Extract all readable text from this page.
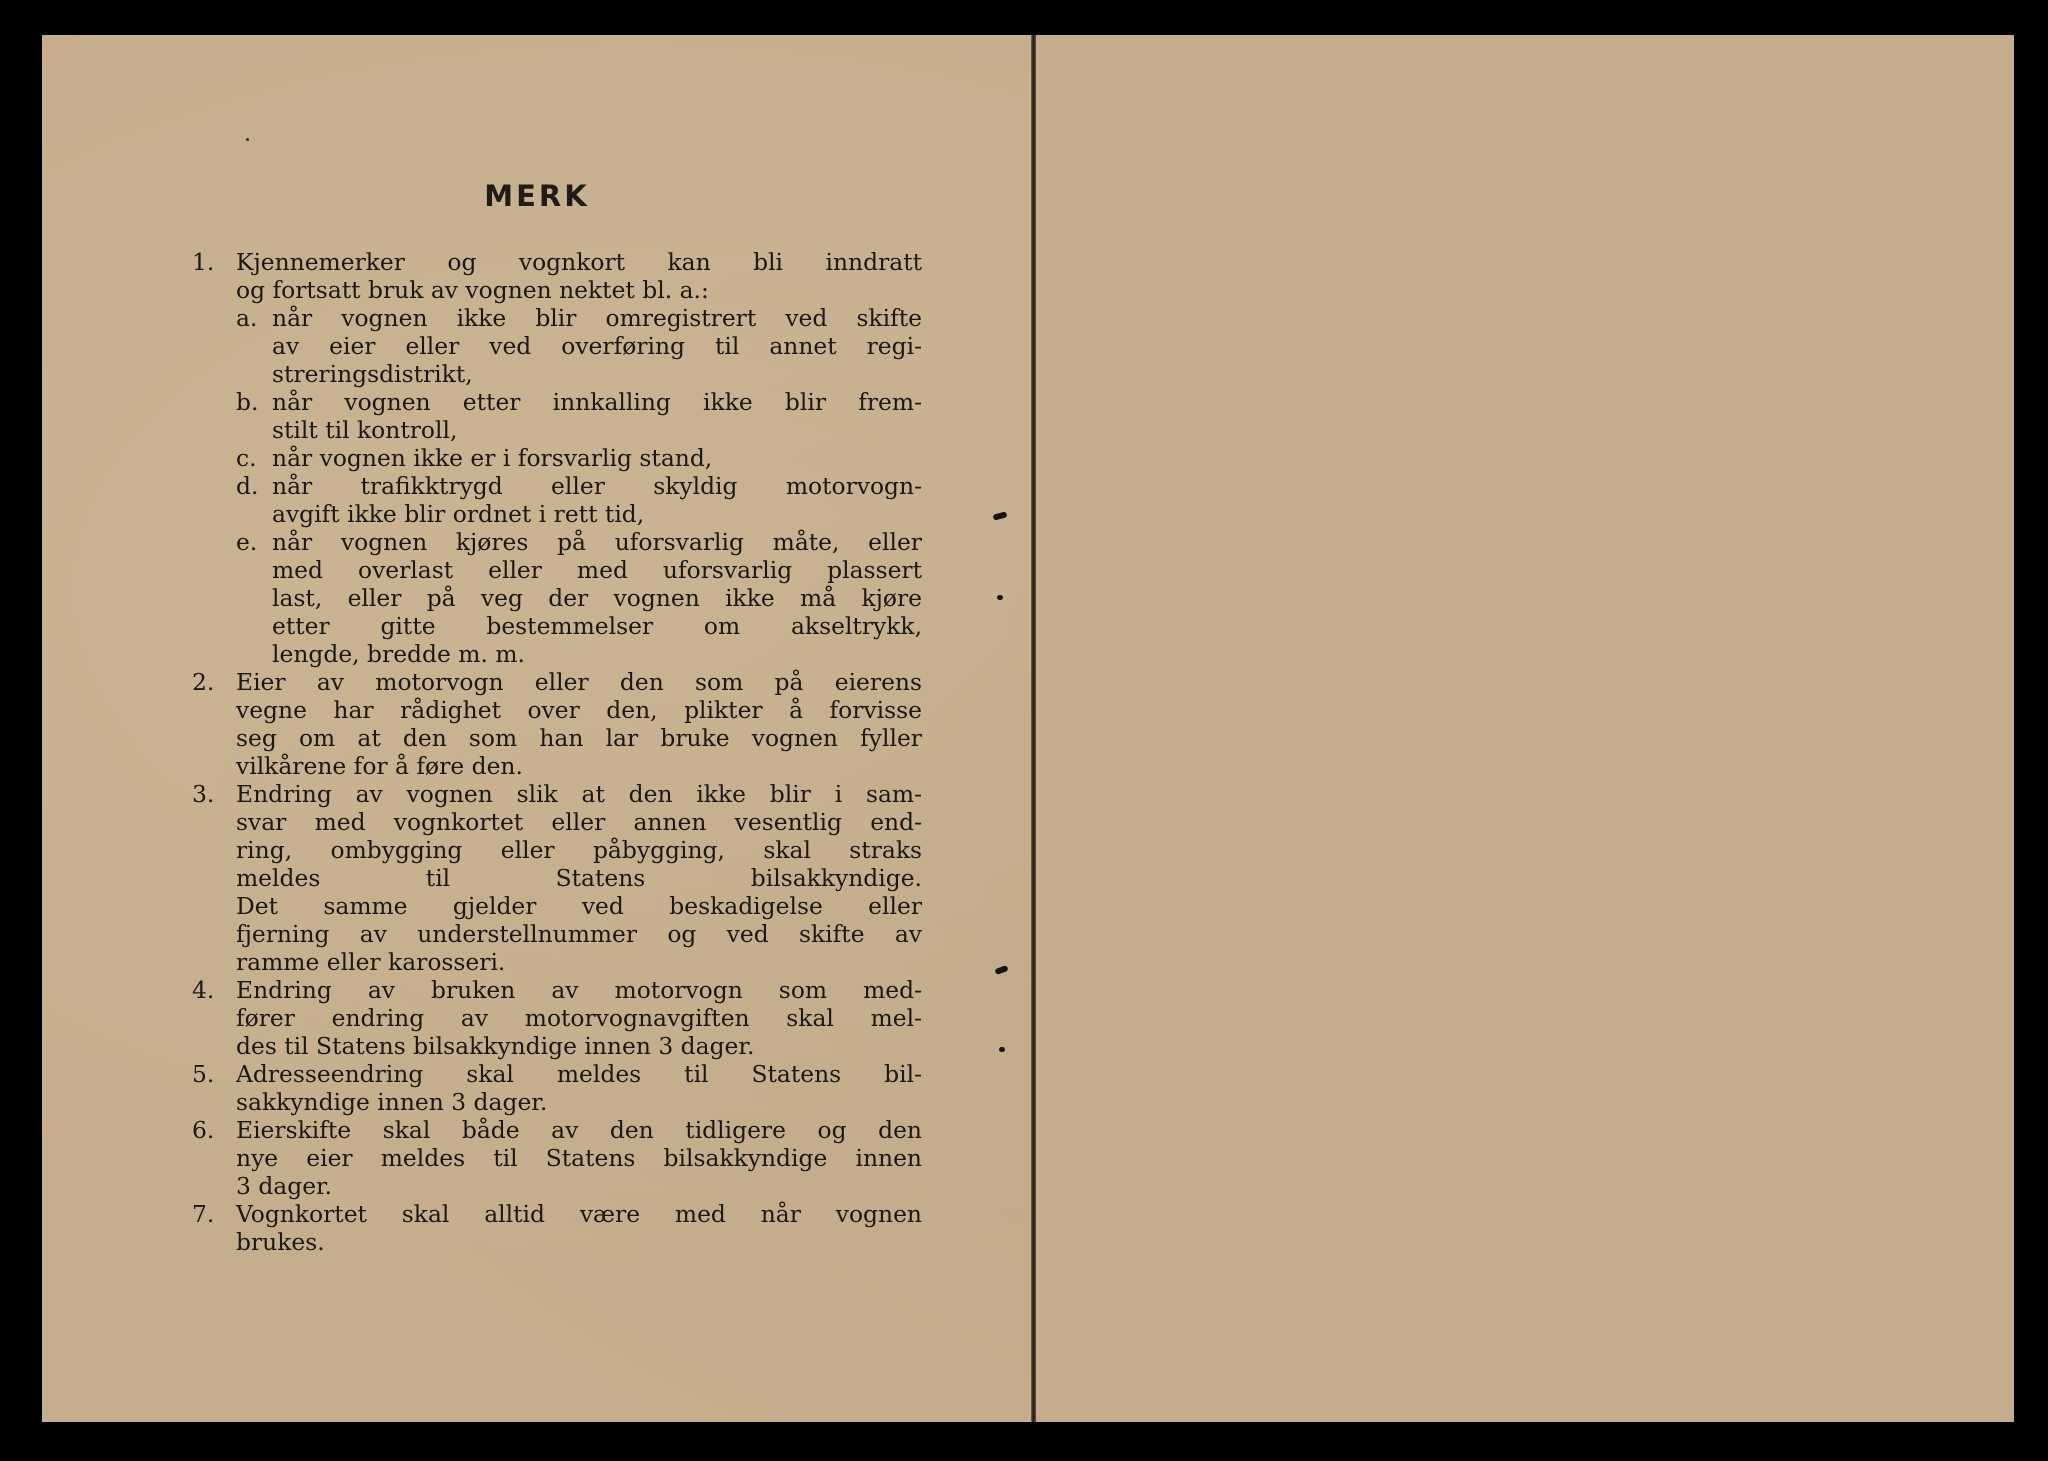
MERK
1. Kjennemerker og vognkort kan bli inndratt
og fortsatt bruk av vognen nektet bl. a.:
a. når vognen ikke blir omregistrert ved skifte
av eier eller ved overføring til annet regi-
streringsdistrikt,
b. når vognen etter innkalling ikke blir frem-
stilt til kontroll,
c. når vognen ikke er i forsvarlig stand,
d. når trafikktrygd eller skyldig motorvogn-
avgift ikke blir ordnet i rett tid,
e. når vognen kjøres på uforsvarlig måte, eller
med overlast eller med uforsvarlig plassert
last, eller på veg der vognen ikke må kjøre
etter gitte bestemmelser om akseltrykk,
lengde, bredde m. m.
2. Eier av motorvogn eller den som på eierens
vegne har rådighet over den, plikter å forvisse
seg om at den som han lar bruke vognen fyller
vilkårene for å føre den.
3. Endring av vognen slik at den ikke blir i sam-
svar med vognkortet eller annen vesentlig end-
ring, ombygging eller påbygging, skal straks
meldes til Statens bilsakkyndige.
Det samme gjelder ved beskadigelse eller
fjerning av understellnummer og ved skifte av
ramme eller karosseri.
4. Endring av bruken av motorvogn som med-
fører endring av motorvognavgiften skal mel-
des til Statens bilsakkyndige innen 3 dager.
5. Adresseendring skal meldes til Statens bil-
sakkyndige innen 3 dager.
6. Eierskifte skal både av den tidligere og den
nye eier meldes til Statens bilsakkyndige innen
3 dager.
7. Vognkortet skal alltid være med når vognen
brukes.
